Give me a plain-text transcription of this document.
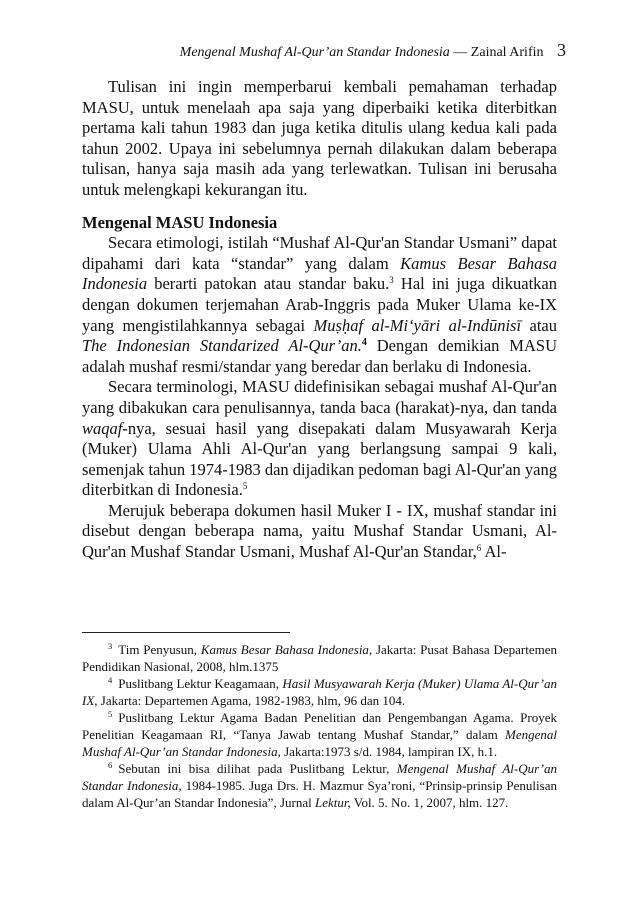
Mengenal Mushaf Al-Qur’an Standar Indonesia — Zainal Arifin 3

Tulisan ini ingin memperbarui kembali pemahaman terhadap MASU, untuk menelaah apa saja yang diperbaiki ketika diterbitkan pertama kali tahun 1983 dan juga ketika ditulis ulang kedua kali pada tahun 2002. Upaya ini sebelumnya pernah dilakukan dalam beberapa tulisan, hanya saja masih ada yang terlewatkan. Tulisan ini berusaha untuk melengkapi kekurangan itu.

Mengenal MASU Indonesia

Secara etimologi, istilah “Mushaf Al-Qur'an Standar Usmani” dapat dipahami dari kata “standar” yang dalam Kamus Besar Bahasa Indonesia berarti patokan atau standar baku.$^3$ Hal ini juga dikuatkan dengan dokumen terjemahan Arab-Inggris pada Muker Ulama ke-IX yang mengistilahkannya sebagai Muṣḥaf al-Mi‘yāri al-Indūnisī atau The Indonesian Standarized Al-Qur’an.$^4$ Dengan demikian MASU adalah mushaf resmi/standar yang beredar dan berlaku di Indonesia.

Secara terminologi, MASU didefinisikan sebagai mushaf Al-Qur'an yang dibakukan cara penulisannya, tanda baca (harakat)-nya, dan tanda waqaf-nya, sesuai hasil yang disepakati dalam Musyawarah Kerja (Muker) Ulama Ahli Al-Qur'an yang berlangsung sampai 9 kali, semenjak tahun 1974-1983 dan dijadikan pedoman bagi Al-Qur'an yang diterbitkan di Indonesia.$^5$

Merujuk beberapa dokumen hasil Muker I - IX, mushaf standar ini disebut dengan beberapa nama, yaitu Mushaf Standar Usmani, Al-Qur'an Mushaf Standar Usmani, Mushaf Al-Qur'an Standar,$^6$ Al-

$^3$ Tim Penyusun, Kamus Besar Bahasa Indonesia, Jakarta: Pusat Bahasa Departemen Pendidikan Nasional, 2008, hlm.1375

$^4$ Puslitbang Lektur Keagamaan, Hasil Musyawarah Kerja (Muker) Ulama Al-Qur’an IX, Jakarta: Departemen Agama, 1982-1983, hlm, 96 dan 104.

$^5$ Puslitbang Lektur Agama Badan Penelitian dan Pengembangan Agama. Proyek Penelitian Keagamaan RI, “Tanya Jawab tentang Mushaf Standar,” dalam Mengenal Mushaf Al-Qur’an Standar Indonesia, Jakarta:1973 s/d. 1984, lampiran IX, h.1.

$^6$ Sebutan ini bisa dilihat pada Puslitbang Lektur, Mengenal Mushaf Al-Qur’an Standar Indonesia, 1984-1985. Juga Drs. H. Mazmur Sya’roni, “Prinsip-prinsip Penulisan dalam Al-Qur’an Standar Indonesia”, Jurnal Lektur, Vol. 5. No. 1, 2007, hlm. 127.
